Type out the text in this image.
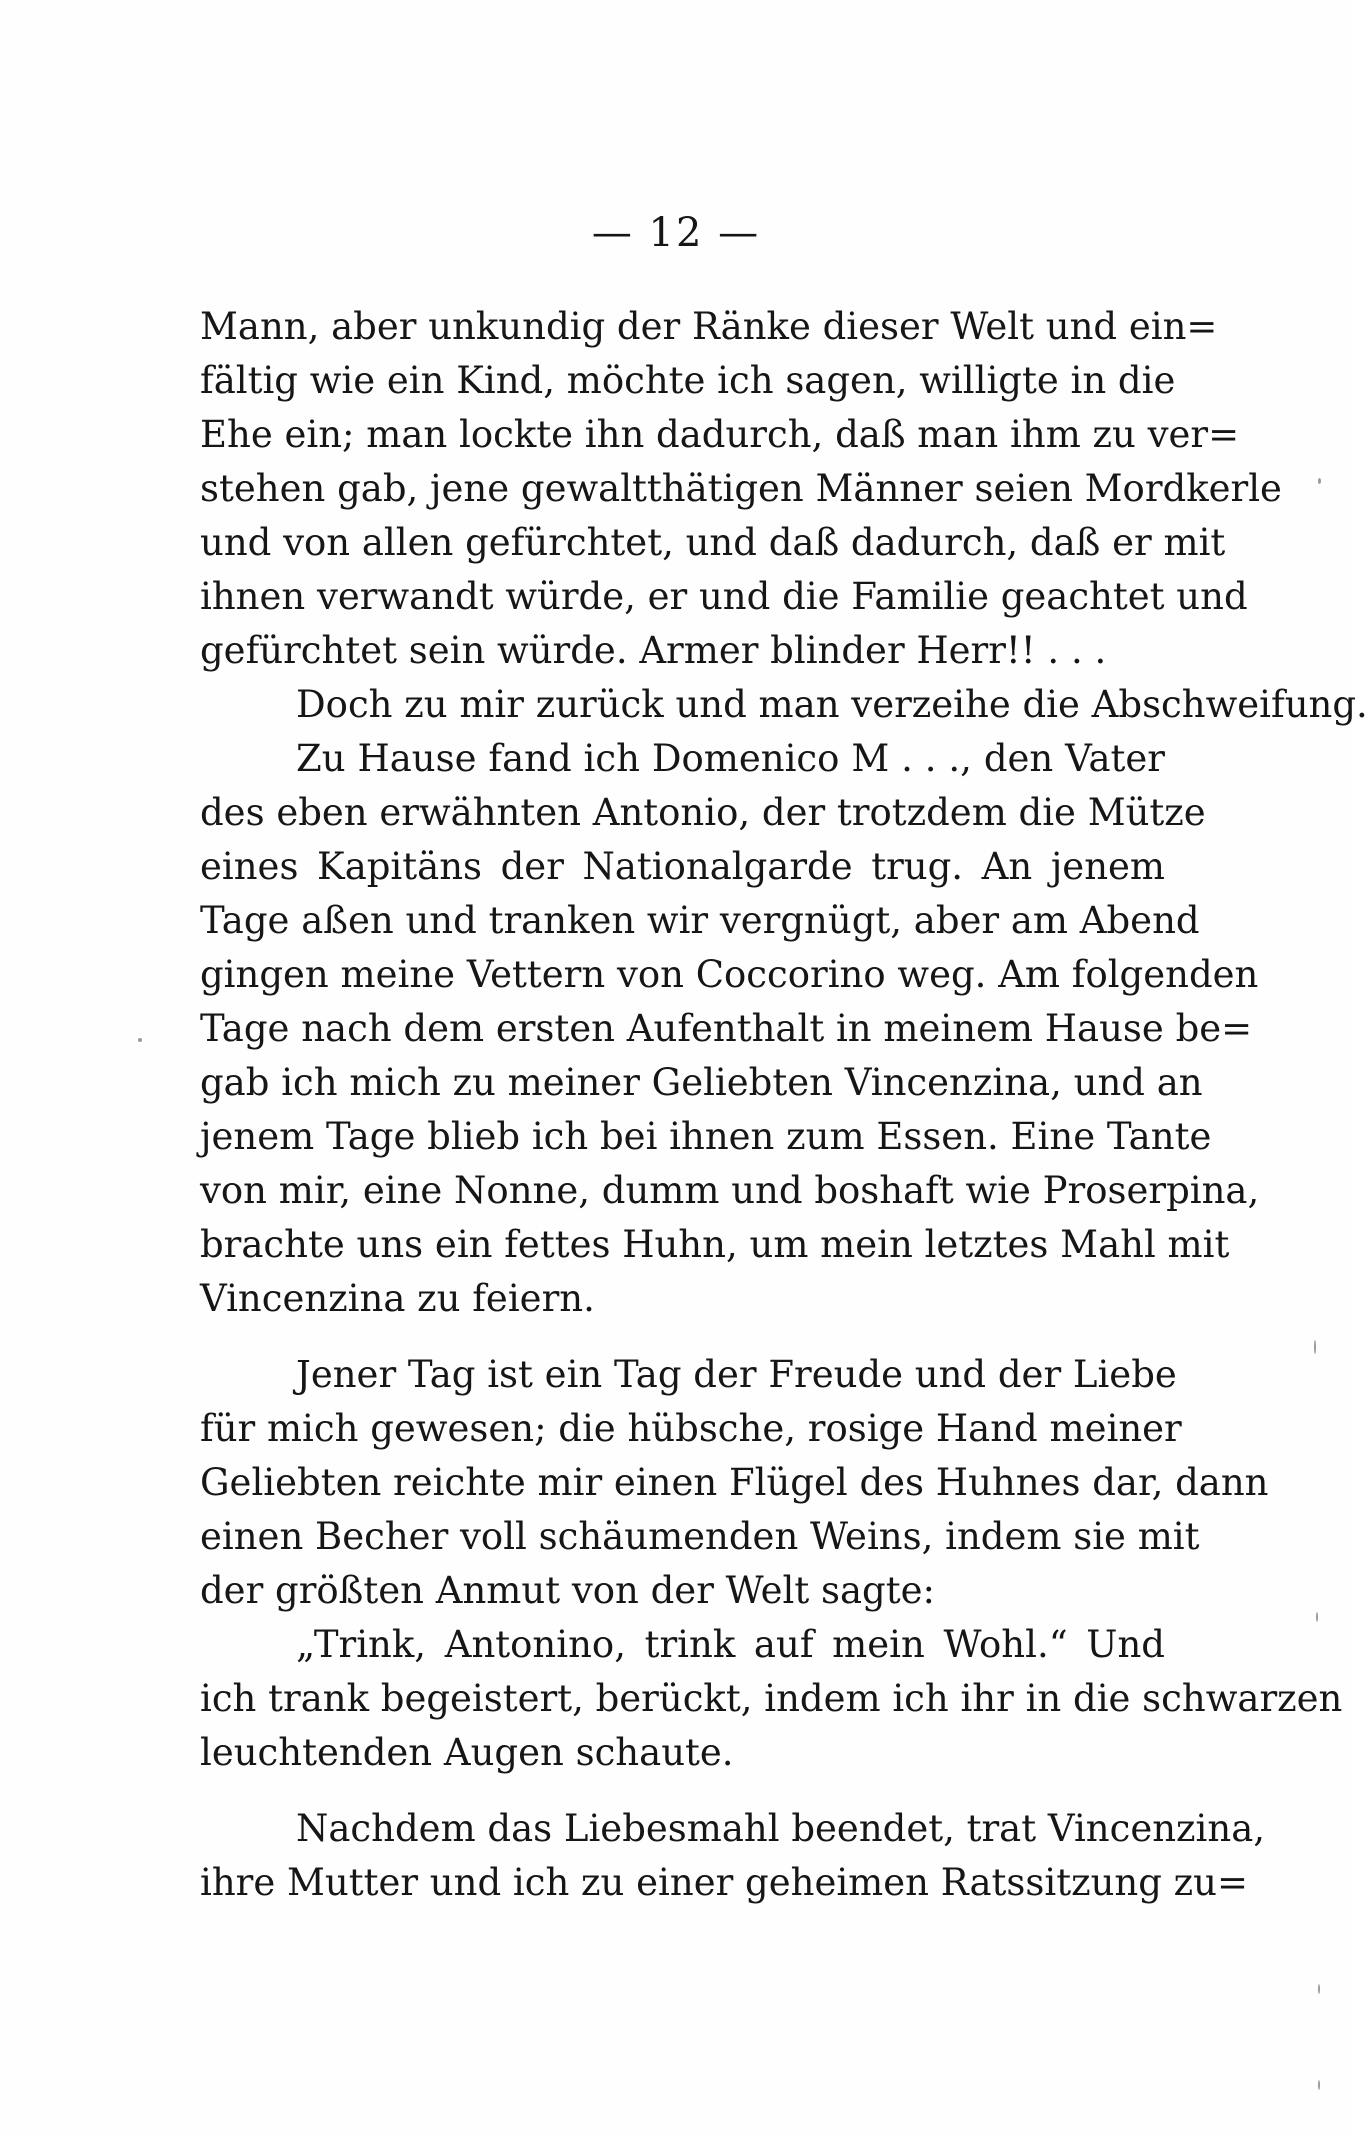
— 12 —
Mann, aber unkundig der Ränke dieser Welt und ein=
fältig wie ein Kind, möchte ich sagen, willigte in die
Ehe ein; man lockte ihn dadurch, daß man ihm zu ver=
stehen gab, jene gewaltthätigen Männer seien Mordkerle
und von allen gefürchtet, und daß dadurch, daß er mit
ihnen verwandt würde, er und die Familie geachtet und
gefürchtet sein würde. Armer blinder Herr!! . . .
Doch zu mir zurück und man verzeihe die Abschweifung.
Zu Hause fand ich Domenico M . . ., den Vater
des eben erwähnten Antonio, der trotzdem die Mütze
eines Kapitäns der Nationalgarde trug. An jenem
Tage aßen und tranken wir vergnügt, aber am Abend
gingen meine Vettern von Coccorino weg. Am folgenden
Tage nach dem ersten Aufenthalt in meinem Hause be=
gab ich mich zu meiner Geliebten Vincenzina, und an
jenem Tage blieb ich bei ihnen zum Essen. Eine Tante
von mir, eine Nonne, dumm und boshaft wie Proserpina,
brachte uns ein fettes Huhn, um mein letztes Mahl mit
Vincenzina zu feiern.
Jener Tag ist ein Tag der Freude und der Liebe
für mich gewesen; die hübsche, rosige Hand meiner
Geliebten reichte mir einen Flügel des Huhnes dar, dann
einen Becher voll schäumenden Weins, indem sie mit
der größten Anmut von der Welt sagte:
„Trink, Antonino, trink auf mein Wohl.“ Und
ich trank begeistert, berückt, indem ich ihr in die schwarzen
leuchtenden Augen schaute.
Nachdem das Liebesmahl beendet, trat Vincenzina,
ihre Mutter und ich zu einer geheimen Ratssitzung zu=
